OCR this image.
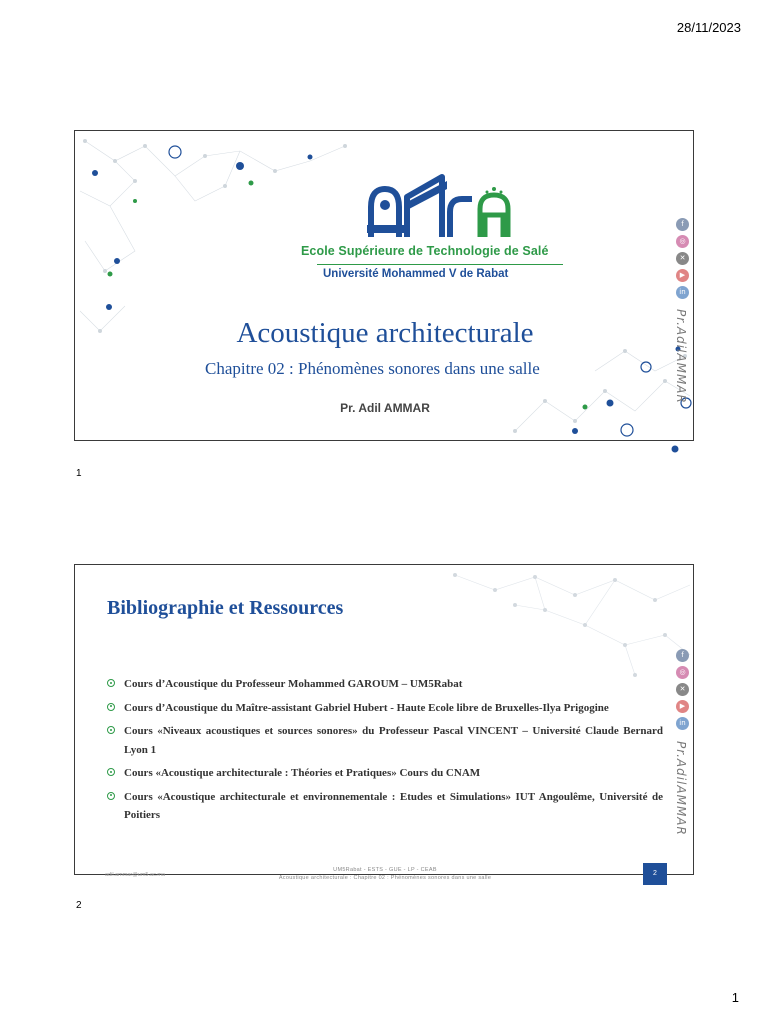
28/11/2023
Ecole Supérieure de Technologie de Salé
Université Mohammed V de Rabat
Acoustique architecturale
Chapitre 02 : Phénomènes sonores dans une salle
Pr. Adil AMMAR
f
◎
✕
▶
in
Pr.AdilAMMAR
1
Bibliographie et Ressources
Cours d’Acoustique du Professeur Mohammed GAROUM – UM5Rabat
Cours d’Acoustique du Maître-assistant Gabriel Hubert - Haute Ecole libre de Bruxelles-Ilya Prigogine
Cours «Niveaux acoustiques et sources sonores» du Professeur Pascal VINCENT – Université Claude Bernard Lyon 1
Cours «Acoustique architecturale : Théories et Pratiques» Cours du CNAM
Cours «Acoustique architecturale et environnementale : Etudes et Simulations» IUT Angoulême, Université de Poitiers
UM5Rabat - ESTS - GUE - LP - CEAB
Acoustique architecturale : Chapitre 02 : Phénomènes sonores dans une salle
adil.ammar@um5.ac.ma	2
f
◎
✕
▶
in
Pr.AdilAMMAR
2
1
